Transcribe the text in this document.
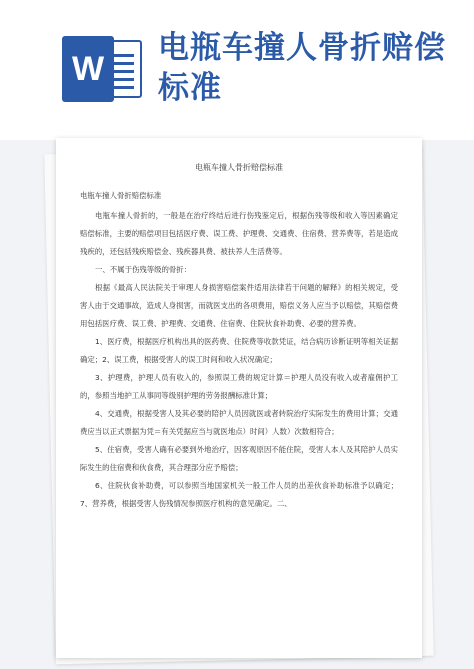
W
电瓶车撞人骨折赔偿标准
电瓶车撞人骨折赔偿标准
电瓶车撞人骨折赔偿标准
电瓶车撞人骨折的，一般是在治疗终结后进行伤残鉴定后，根据伤残等级和收入等因素确定赔偿标准，主要的赔偿项目包括医疗费、误工费、护理费、交通费、住宿费、营养费等，若是造成残疾的，还包括残疾赔偿金、残疾器具费、被扶养人生活费等。
一、不属于伤残等级的骨折：
根据《最高人民法院关于审理人身损害赔偿案件适用法律若干问题的解释》的相关规定，受害人由于交通事故，造成人身损害，而就医支出的各项费用，赔偿义务人应当予以赔偿，其赔偿费用包括医疗费、误工费、护理费、交通费、住宿费、住院伙食补助费、必要的营养费。
1、医疗费，根据医疗机构出具的医药费、住院费等收款凭证，结合病历诊断证明等相关证据确定；2、误工费，根据受害人的误工时间和收入状况确定；
3、护理费，护理人员有收入的，参照误工费的规定计算＝护理人员没有收入或者雇佣护工的，参照当地护工从事同等级别护理的劳务报酬标准计算；
4、交通费，根据受害人及其必要的陪护人员因就医或者转院治疗实际发生的费用计算；交通费应当以正式票据为凭＝有关凭据应当与就医地点）时间）人数）次数相符合；
5、住宿费，受害人确有必要到外地治疗，因客观原因不能住院，受害人本人及其陪护人员实际发生的住宿费和伙食费，其合理部分应予赔偿；
6、住院伙食补助费，可以参照当地国家机关一般工作人员的出差伙食补助标准予以确定；7、营养费，根据受害人伤残情况参照医疗机构的意见确定。二、
